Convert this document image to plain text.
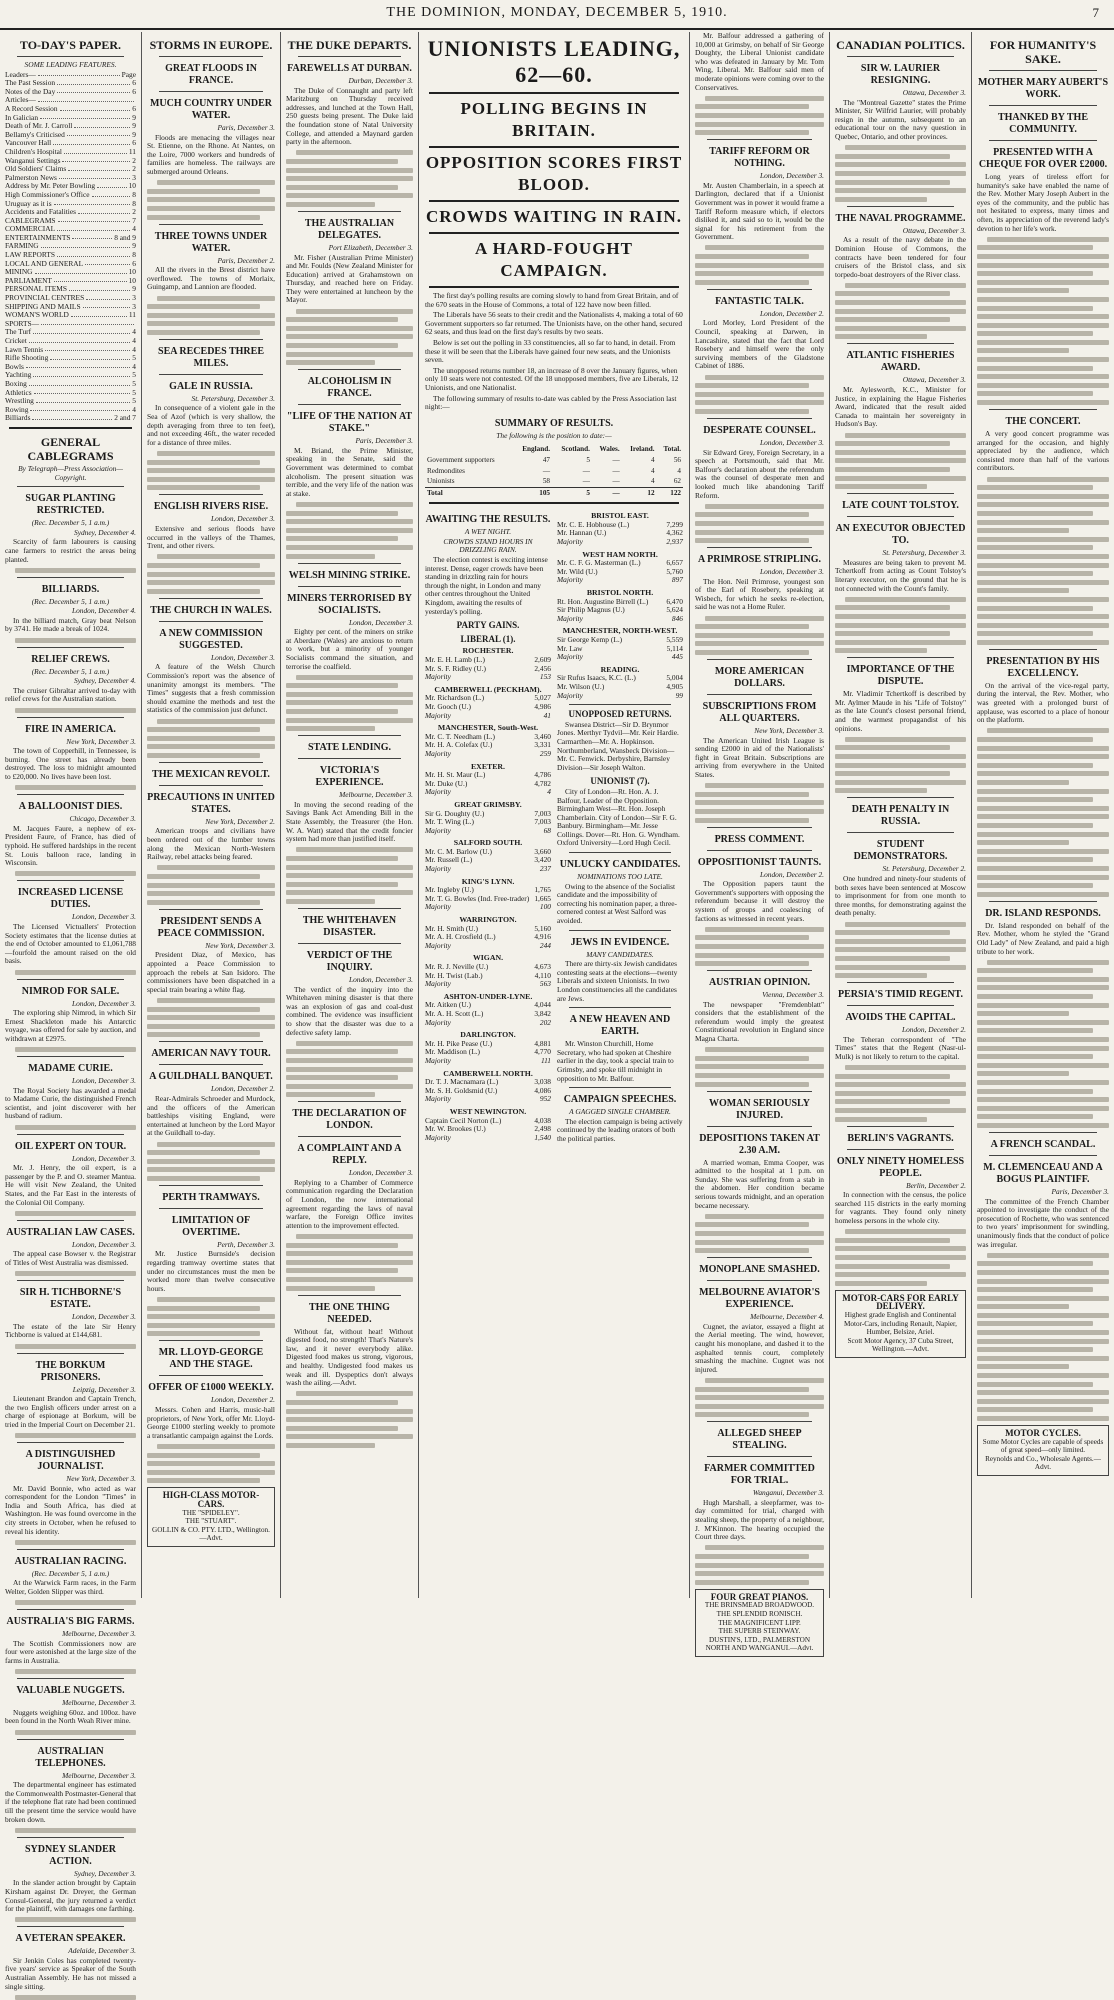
THE DOMINION, MONDAY, DECEMBER 5, 1910.	7
TO-DAY'S PAPER.
SOME LEADING FEATURES.
Leaders—	Page
The Past Session	6
Notes of the Day	6
Articles—
A Record Session	6
In Galician	9
Death of Mr. J. Carroll	9
Bellamy's Criticised	9
Vancouver Hall	6
Children's Hospital	11
Wanganui Settings	2
Old Soldiers' Claims	2
Palmerston News	3
Address by Mr. Peter Bowling	10
High Commissioner's Office	8
Uruguay as it is	8
Accidents and Fatalities	2
CABLEGRAMS	7
COMMERCIAL	4
ENTERTAINMENTS	8 and 9
FARMING	9
LAW REPORTS	8
LOCAL AND GENERAL	6
MINING	10
PARLIAMENT	10
PERSONAL ITEMS	9
PROVINCIAL CENTRES	3
SHIPPING AND MAILS	3
WOMAN'S WORLD	11
SPORTS—
The Turf	4
Cricket	4
Lawn Tennis	4
Rifle Shooting	5
Bowls	4
Yachting	5
Boxing	5
Athletics	5
Wrestling	5
Rowing	4
Billiards	2 and 7
GENERAL CABLEGRAMS
By Telegraph—Press Association—Copyright.
SUGAR PLANTING RESTRICTED.
(Rec. December 5, 1 a.m.)
Sydney, December 4.

Scarcity of farm labourers is causing cane farmers to restrict the areas being planted.

BILLIARDS.
(Rec. December 5, 1 a.m.)
London, December 4.

In the billiard match, Gray beat Nelson by 3741. He made a break of 1024.

RELIEF CREWS.
(Rec. December 5, 1 a.m.)
Sydney, December 4.

The cruiser Gibraltar arrived to-day with relief crews for the Australian station.

FIRE IN AMERICA.
New York, December 3.

The town of Copperhill, in Tennessee, is burning. One street has already been destroyed. The loss to midnight amounted to £20,000. No lives have been lost.

A BALLOONIST DIES.
Chicago, December 3.

M. Jacques Faure, a nephew of ex-President Faure, of France, has died of typhoid. He suffered hardships in the recent St. Louis balloon race, landing in Wisconsin.

INCREASED LICENSE DUTIES.
London, December 3.

The Licensed Victuallers' Protection Society estimates that the license duties at the end of October amounted to £1,061,788—fourfold the amount raised on the old basis.

NIMROD FOR SALE.
London, December 3.

The exploring ship Nimrod, in which Sir Ernest Shackleton made his Antarctic voyage, was offered for sale by auction, and withdrawn at £2975.

MADAME CURIE.
London, December 3.

The Royal Society has awarded a medal to Madame Curie, the distinguished French scientist, and joint discoverer with her husband of radium.

OIL EXPERT ON TOUR.
London, December 3.

Mr. J. Henry, the oil expert, is a passenger by the P. and O. steamer Mantua. He will visit New Zealand, the United States, and the Far East in the interests of the Colonial Oil Company.

AUSTRALIAN LAW CASES.
London, December 3.

The appeal case Bowser v. the Registrar of Titles of West Australia was dismissed.

SIR H. TICHBORNE'S ESTATE.
London, December 3.

The estate of the late Sir Henry Tichborne is valued at £144,681.

THE BORKUM PRISONERS.
Leipzig, December 3.

Lieutenant Brandon and Captain Trench, the two English officers under arrest on a charge of espionage at Borkum, will be tried in the Imperial Court on December 21.

A DISTINGUISHED JOURNALIST.
New York, December 3.

Mr. David Bonnie, who acted as war correspondent for the London "Times" in India and South Africa, has died at Washington. He was found overcome in the city streets in October, when he refused to reveal his identity.

AUSTRALIAN RACING.
(Rec. December 5, 1 a.m.)

At the Warwick Farm races, in the Farm Welter, Golden Slipper was third.

AUSTRALIA'S BIG FARMS.
Melbourne, December 3.

The Scottish Commissioners now are four were astonished at the large size of the farms in Australia.

VALUABLE NUGGETS.
Melbourne, December 3.

Nuggets weighing 60oz. and 100oz. have been found in the North Weah River mine.

AUSTRALIAN TELEPHONES.
Melbourne, December 3.

The departmental engineer has estimated the Commonwealth Postmaster-General that if the telephone flat rate had been continued till the present time the service would have broken down.

SYDNEY SLANDER ACTION.
Sydney, December 3.

In the slander action brought by Captain Kirsham against Dr. Dreyer, the German Consul-General, the jury returned a verdict for the plaintiff, with damages one farthing.

A VETERAN SPEAKER.
Adelaide, December 3.

Sir Jenkin Coles has completed twenty-five years' service as Speaker of the South Australian Assembly. He has not missed a single sitting.

STORMS IN EUROPE.
GREAT FLOODS IN FRANCE.
MUCH COUNTRY UNDER WATER.
Paris, December 3.

Floods are menacing the villages near St. Etienne, on the Rhone. At Nantes, on the Loire, 7000 workers and hundreds of families are homeless. The railways are submerged around Orleans.

THREE TOWNS UNDER WATER.
Paris, December 2.

All the rivers in the Brest district have overflowed. The towns of Morlaix, Guingamp, and Lannion are flooded.

SEA RECEDES THREE MILES.
GALE IN RUSSIA.
St. Petersburg, December 3.

In consequence of a violent gale in the Sea of Azof (which is very shallow, the depth averaging from three to ten feet), and not exceeding 46ft., the water receded for a distance of three miles.

ENGLISH RIVERS RISE.
London, December 3.

Extensive and serious floods have occurred in the valleys of the Thames, Trent, and other rivers.

THE CHURCH IN WALES.
A NEW COMMISSION SUGGESTED.
London, December 3.

A feature of the Welsh Church Commission's report was the absence of unanimity amongst its members. "The Times" suggests that a fresh commission should examine the methods and test the statistics of the commission just defunct.

THE MEXICAN REVOLT.
PRECAUTIONS IN UNITED STATES.
New York, December 2.

American troops and civilians have been ordered out of the lumber towns along the Mexican North-Western Railway, rebel attacks being feared.

PRESIDENT SENDS A PEACE COMMISSION.
New York, December 3.

President Diaz, of Mexico, has appointed a Peace Commission to approach the rebels at San Isidoro. The commissioners have been dispatched in a special train bearing a white flag.

AMERICAN NAVY TOUR.
A GUILDHALL BANQUET.
London, December 2.

Rear-Admirals Schroeder and Murdock, and the officers of the American battleships visiting England, were entertained at luncheon by the Lord Mayor at the Guildhall to-day.

PERTH TRAMWAYS.
LIMITATION OF OVERTIME.
Perth, December 3.

Mr. Justice Burnside's decision regarding tramway overtime states that under no circumstances must the men be worked more than twelve consecutive hours.

MR. LLOYD-GEORGE AND THE STAGE.
OFFER OF £1000 WEEKLY.
London, December 2.

Messrs. Cohen and Harris, music-hall proprietors, of New York, offer Mr. Lloyd-George £1000 sterling weekly to promote a transatlantic campaign against the Lords.

HIGH-CLASS MOTOR-CARS.
THE "SPIDELEY".
THE "STUART".
GOLLIN & CO. PTY. LTD., Wellington.—Advt.
THE DUKE DEPARTS.
FAREWELLS AT DURBAN.
Durban, December 3.

The Duke of Connaught and party left Maritzburg on Thursday received addresses, and lunched at the Town Hall, 250 guests being present. The Duke laid the foundation stone of Natal University College, and attended a Maynard garden party in the afternoon.

THE AUSTRALIAN DELEGATES.
Port Elizabeth, December 3.

Mr. Fisher (Australian Prime Minister) and Mr. Foulds (New Zealand Minister for Education) arrived at Grahamstown on Thursday, and reached here on Friday. They were entertained at luncheon by the Mayor.

ALCOHOLISM IN FRANCE.
"LIFE OF THE NATION AT STAKE."
Paris, December 3.

M. Briand, the Prime Minister, speaking in the Senate, said the Government was determined to combat alcoholism. The present situation was terrible, and the very life of the nation was at stake.

WELSH MINING STRIKE.
MINERS TERRORISED BY SOCIALISTS.
London, December 3.

Eighty per cent. of the miners on strike at Aberdare (Wales) are anxious to return to work, but a minority of younger Socialists command the situation, and terrorise the coalfield.

STATE LENDING.
VICTORIA'S EXPERIENCE.
Melbourne, December 3.

In moving the second reading of the Savings Bank Act Amending Bill in the State Assembly, the Treasurer (the Hon. W. A. Watt) stated that the credit foncier system had more than justified itself.

THE WHITEHAVEN DISASTER.
VERDICT OF THE INQUIRY.
London, December 3.

The verdict of the inquiry into the Whitehaven mining disaster is that there was an explosion of gas and coal-dust combined. The evidence was insufficient to show that the disaster was due to a defective safety lamp.

THE DECLARATION OF LONDON.
A COMPLAINT AND A REPLY.
London, December 3.

Replying to a Chamber of Commerce communication regarding the Declaration of London, the now international agreement regarding the laws of naval warfare, the Foreign Office invites attention to the improvement effected.

THE ONE THING NEEDED.

Without fat, without heat! Without digested food, no strength! That's Nature's law, and it never everybody alike. Digested food makes us strong, vigorous, and healthy. Undigested food makes us weak and ill. Dyspeptics don't always wash the ailing.—Advt.

UNIONISTS LEADING, 62—60.
POLLING BEGINS IN BRITAIN.
OPPOSITION SCORES FIRST BLOOD.
CROWDS WAITING IN RAIN.
A HARD-FOUGHT CAMPAIGN.

The first day's polling results are coming slowly to hand from Great Britain, and of the 670 seats in the House of Commons, a total of 122 have now been filled.

The Liberals have 56 seats to their credit and the Nationalists 4, making a total of 60 Government supporters so far returned. The Unionists have, on the other hand, secured 62 seats, and thus lead on the first day's results by two seats.

Below is set out the polling in 33 constituencies, all so far to hand, in detail. From these it will be seen that the Liberals have gained four new seats, and the Unionists seven.

The unopposed returns number 18, an increase of 8 over the January figures, when only 10 seats were not contested. Of the 18 unopposed members, five are Liberals, 12 Unionists, and one Nationalist.

The following summary of results to-date was cabled by the Press Association last night:—

SUMMARY OF RESULTS.
The following is the position to date:—
	England.	Scotland.	Wales.	Ireland.	Total.
Government supporters	47	5	—	4	56
Redmondites	—	—	—	4	4
Unionists	58	—	—	4	62
Total	105	5	—	12	122
AWAITING THE RESULTS.
A WET NIGHT.
CROWDS STAND HOURS IN DRIZZLING RAIN.

The election contest is exciting intense interest. Dense, eager crowds have been standing in drizzling rain for hours through the night, in London and many other centres throughout the United Kingdom, awaiting the results of yesterday's polling.

PARTY GAINS.
LIBERAL (1).
ROCHESTER.
Mr. E. H. Lamb (L.)	2,609
Mr. S. F. Ridley (U.)	2,456
Majority	153
CAMBERWELL (PECKHAM).
Mr. Richardson (L.)	5,027
Mr. Gooch (U.)	4,986
Majority	41
MANCHESTER, South-West.
Mr. C. T. Needham (L.)	3,460
Mr. H. A. Colefax (U.)	3,331
Majority	259
EXETER.
Mr. H. St. Maur (L.)	4,786
Mr. Duke (U.)	4,782
Majority	4
GREAT GRIMSBY.
Sir G. Doughty (U.)	7,003
Mr. T. Wing (L.)	7,003
Majority	68
SALFORD SOUTH.
Mr. C. M. Barlow (U.)	3,660
Mr. Russell (L.)	3,420
Majority	237
KING'S LYNN.
Mr. Ingleby (U.)	1,765
Mr. T. G. Bowles (Ind. Free-trader) 1,665
Majority	100
WARRINGTON.
Mr. H. Smith (U.)	5,160
Mr. A. H. Crosfield (L.)	4,916
Majority	244
WIGAN.
Mr. R. J. Neville (U.)	4,673
Mr. H. Twist (Lab.)	4,110
Majority	563
ASHTON-UNDER-LYNE.
Mr. Aitken (U.)	4,044
Mr. A. H. Scott (L.)	3,842
Majority	202
DARLINGTON.
Mr. H. Pike Pease (U.)	4,881
Mr. Maddison (L.)	4,770
Majority	111
CAMBERWELL NORTH.
Dr. T. J. Macnamara (L.)	3,038
Mr. S. H. Goldsmid (U.)	4,086
Majority	952
WEST NEWINGTON.
Captain Cecil Norton (L.)	4,038
Mr. W. Brookes (U.)	2,498
Majority	1,540
BRISTOL EAST.
Mr. C. E. Hobhouse (L.)	7,299
Mr. Hannan (U.)	4,362
Majority	2,937
WEST HAM NORTH.
Mr. C. F. G. Masterman (L.)	6,657
Mr. Wild (U.)	5,760
Majority	897
BRISTOL NORTH.
Rt. Hon. Augustine Birrell (L.) 6,470
Sir Philip Magnus (U.)	5,624
Majority	846
MANCHESTER, NORTH-WEST.
Sir George Kemp (L.)	5,559
Mr. Law	5,114
Majority	445
READING.
Sir Rufus Isaacs, K.C. (L.)	5,004
Mr. Wilson (U.)	4,905
Majority	99
UNOPPOSED RETURNS.

Swansea District—Sir D. Brynmor Jones. Merthyr Tydvil—Mr. Keir Hardie. Carmarthen—Mr. A. Hopkinson. Northumberland, Wansbeck Division—Mr. C. Fenwick. Derbyshire, Barnsley Division—Sir Joseph Walton.

UNIONIST (7).

City of London—Rt. Hon. A. J. Balfour, Leader of the Opposition. Birmingham West—Rt. Hon. Joseph Chamberlain. City of London—Sir F. G. Banbury. Birmingham—Mr. Jesse Collings. Dover—Rt. Hon. G. Wyndham. Oxford University—Lord Hugh Cecil.

UNLUCKY CANDIDATES.
NOMINATIONS TOO LATE.

Owing to the absence of the Socialist candidate and the impossibility of correcting his nomination paper, a three-cornered contest at West Salford was avoided.

JEWS IN EVIDENCE.
MANY CANDIDATES.

There are thirty-six Jewish candidates contesting seats at the elections—twenty Liberals and sixteen Unionists. In two London constituencies all the candidates are Jews.

A NEW HEAVEN AND EARTH.

Mr. Winston Churchill, Home Secretary, who had spoken at Cheshire earlier in the day, took a special train to Grimsby, and spoke till midnight in opposition to Mr. Balfour.

CAMPAIGN SPEECHES.
A GAGGED SINGLE CHAMBER.

The election campaign is being actively continued by the leading orators of both the political parties.

Mr. Balfour addressed a gathering of 10,000 at Grimsby, on behalf of Sir George Doughty, the Liberal Unionist candidate who was defeated in January by Mr. Tom Wing, Liberal. Mr. Balfour said men of moderate opinions were coming over to the Conservatives.

TARIFF REFORM OR NOTHING.
London, December 3.

Mr. Austen Chamberlain, in a speech at Darlington, declared that if a Unionist Government was in power it would frame a Tariff Reform measure which, if electors disliked it, and said so to it, would be the signal for his retirement from the Government.

FANTASTIC TALK.
London, December 2.

Lord Morley, Lord President of the Council, speaking at Darwen, in Lancashire, stated that the fact that Lord Rosebery and himself were the only surviving members of the Gladstone Cabinet of 1886.

DESPERATE COUNSEL.
London, December 3.

Sir Edward Grey, Foreign Secretary, in a speech at Portsmouth, said that Mr. Balfour's declaration about the referendum was the counsel of desperate men and looked much like abandoning Tariff Reform.

A PRIMROSE STRIPLING.
London, December 3.

The Hon. Neil Primrose, youngest son of the Earl of Rosebery, speaking at Wisbech, for which he seeks re-election, said he was not a Home Ruler.

MORE AMERICAN DOLLARS.
SUBSCRIPTIONS FROM ALL QUARTERS.
New York, December 3.

The American United Irish League is sending £2000 in aid of the Nationalists' fight in Great Britain. Subscriptions are arriving from everywhere in the United States.

PRESS COMMENT.
OPPOSITIONIST TAUNTS.
London, December 2.

The Opposition papers taunt the Government's supporters with opposing the referendum because it will destroy the system of groups and coalescing of factions as witnessed in recent years.

AUSTRIAN OPINION.
Vienna, December 3.

The newspaper "Fremdenblatt" considers that the establishment of the referendum would imply the greatest Constitutional revolution in England since Magna Charta.

WOMAN SERIOUSLY INJURED.
DEPOSITIONS TAKEN AT 2.30 A.M.

A married woman, Emma Cooper, was admitted to the hospital at 1 p.m. on Sunday. She was suffering from a stab in the abdomen. Her condition became serious towards midnight, and an operation became necessary.

MONOPLANE SMASHED.
MELBOURNE AVIATOR'S EXPERIENCE.
Melbourne, December 4.

Cugnet, the aviator, essayed a flight at the Aerial meeting. The wind, however, caught his monoplane, and dashed it to the asphalted tennis court, completely smashing the machine. Cugnet was not injured.

ALLEGED SHEEP STEALING.
FARMER COMMITTED FOR TRIAL.
Wanganui, December 3.

Hugh Marshall, a sleepfarmer, was to-day committed for trial, charged with stealing sheep, the property of a neighbour, J. M'Kinnon. The hearing occupied the Court three days.

FOUR GREAT PIANOS.
THE BRINSMEAD BROADWOOD.
THE SPLENDID RONISCH.
THE MAGNIFICENT LIPP.
THE SUPERB STEINWAY.
DUSTIN'S, LTD., PALMERSTON NORTH AND WANGANUI.—Advt.
CANADIAN POLITICS.
SIR W. LAURIER RESIGNING.
Ottawa, December 3.

The "Montreal Gazette" states the Prime Minister, Sir Wilfrid Laurier, will probably resign in the autumn, subsequent to an educational tour on the navy question in Quebec, Ontario, and other provinces.

THE NAVAL PROGRAMME.
Ottawa, December 3.

As a result of the navy debate in the Dominion House of Commons, the contracts have been tendered for four cruisers of the Bristol class, and six torpedo-boat destroyers of the River class.

ATLANTIC FISHERIES AWARD.
Ottawa, December 3.

Mr. Aylesworth, K.C., Minister for Justice, in explaining the Hague Fisheries Award, indicated that the result aided Canada to maintain her sovereignty in Hudson's Bay.

LATE COUNT TOLSTOY.
AN EXECUTOR OBJECTED TO.
St. Petersburg, December 3.

Measures are being taken to prevent M. Tchertkoff from acting as Count Tolstoy's literary executor, on the ground that he is not connected with the Count's family.

IMPORTANCE OF THE DISPUTE.

Mr. Vladimir Tchertkoff is described by Mr. Aylmer Maude in his "Life of Tolstoy" as the late Count's closest personal friend, and the warmest propagandist of his opinions.

DEATH PENALTY IN RUSSIA.
STUDENT DEMONSTRATORS.
St. Petersburg, December 2.

One hundred and ninety-four students of both sexes have been sentenced at Moscow to imprisonment for from one month to three months, for demonstrating against the death penalty.

PERSIA'S TIMID REGENT.
AVOIDS THE CAPITAL.
London, December 2.

The Teheran correspondent of "The Times" states that the Regent (Nasr-ul-Mulk) is not likely to return to the capital.

BERLIN'S VAGRANTS.
ONLY NINETY HOMELESS PEOPLE.
Berlin, December 2.

In connection with the census, the police searched 115 districts in the early morning for vagrants. They found only ninety homeless persons in the whole city.

MOTOR-CARS FOR EARLY DELIVERY.
Highest grade English and Continental Motor-Cars, including Renault, Napier, Humber, Belsize, Ariel.
Scott Motor Agency, 37 Cuba Street, Wellington.—Advt.
FOR HUMANITY'S SAKE.
MOTHER MARY AUBERT'S WORK.
THANKED BY THE COMMUNITY.
PRESENTED WITH A CHEQUE FOR OVER £2000.

Long years of tireless effort for humanity's sake have enabled the name of the Rev. Mother Mary Joseph Aubert in the eyes of the community, and the public has not hesitated to express, many times and often, its appreciation of the reverend lady's devotion to her life's work.

THE CONCERT.

A very good concert programme was arranged for the occasion, and highly appreciated by the audience, which consisted more than half of the various contributors.

PRESENTATION BY HIS EXCELLENCY.

On the arrival of the vice-regal party, during the interval, the Rev. Mother, who was greeted with a prolonged burst of applause, was escorted to a place of honour on the platform.

DR. ISLAND RESPONDS.

Dr. Island responded on behalf of the Rev. Mother, whom he styled the "Grand Old Lady" of New Zealand, and paid a high tribute to her work.

A FRENCH SCANDAL.
M. CLEMENCEAU AND A BOGUS PLAINTIFF.
Paris, December 3.

The committee of the French Chamber appointed to investigate the conduct of the prosecution of Rochette, who was sentenced to two years' imprisonment for swindling, unanimously finds that the conduct of police was irregular.

MOTOR CYCLES.
Some Motor Cycles are capable of speeds of great speed—only limited.
Reynolds and Co., Wholesale Agents.—Advt.
